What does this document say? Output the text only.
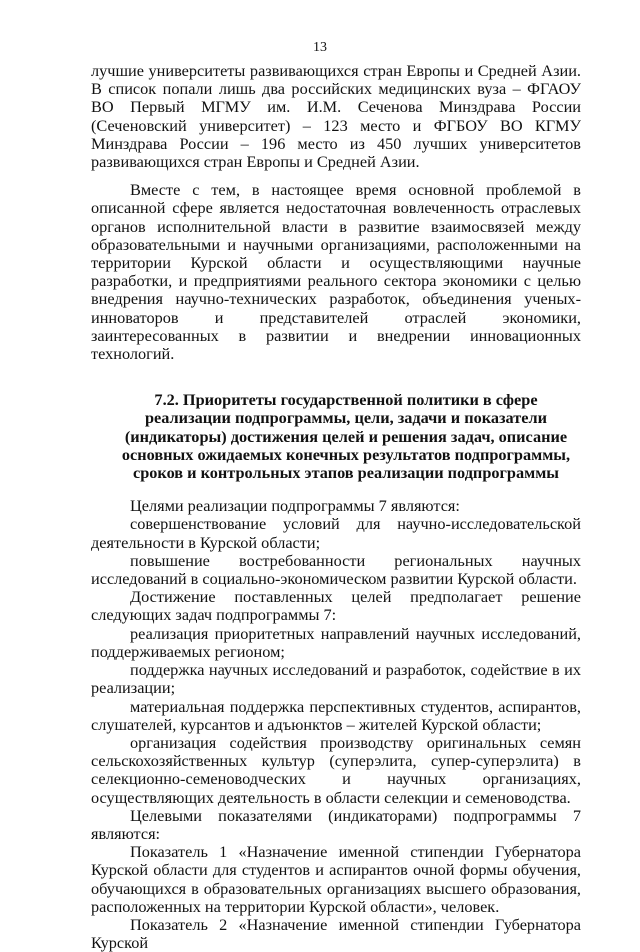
13

лучшие университеты развивающихся стран Европы и Средней Азии. В список попали лишь два российских медицинских вуза – ФГАОУ ВО Первый МГМУ им. И.М. Сеченова Минздрава России (Сеченовский университет) – 123 место и ФГБОУ ВО КГМУ Минздрава России – 196 место из 450 лучших университетов развивающихся стран Европы и Средней Азии.

Вместе с тем, в настоящее время основной проблемой в описанной сфере является недостаточная вовлеченность отраслевых органов исполнительной власти в развитие взаимосвязей между образовательными и научными организациями, расположенными на территории Курской области и осуществляющими научные разработки, и предприятиями реального сектора экономики с целью внедрения научно-технических разработок, объединения ученых-инноваторов и представителей отраслей экономики, заинтересованных в развитии и внедрении инновационных технологий.

7.2. Приоритеты государственной политики в сфере реализации подпрограммы, цели, задачи и показатели (индикаторы) достижения целей и решения задач, описание основных ожидаемых конечных результатов подпрограммы, сроков и контрольных этапов реализации подпрограммы

Целями реализации подпрограммы 7 являются:

совершенствование условий для научно-исследовательской деятельности в Курской области;

повышение востребованности региональных научных исследований в социально-экономическом развитии Курской области.

Достижение поставленных целей предполагает решение следующих задач подпрограммы 7:

реализация приоритетных направлений научных исследований, поддерживаемых регионом;

поддержка научных исследований и разработок, содействие в их реализации;

материальная поддержка перспективных студентов, аспирантов, слушателей, курсантов и адъюнктов – жителей Курской области;

организация содействия производству оригинальных семян сельскохозяйственных культур (суперэлита, супер-суперэлита) в селекционно-семеноводческих и научных организациях, осуществляющих деятельность в области селекции и семеноводства.

Целевыми показателями (индикаторами) подпрограммы 7 являются:

Показатель 1 «Назначение именной стипендии Губернатора Курской области для студентов и аспирантов очной формы обучения, обучающихся в образовательных организациях высшего образования, расположенных на территории Курской области», человек.

Показатель 2 «Назначение именной стипендии Губернатора Курской
